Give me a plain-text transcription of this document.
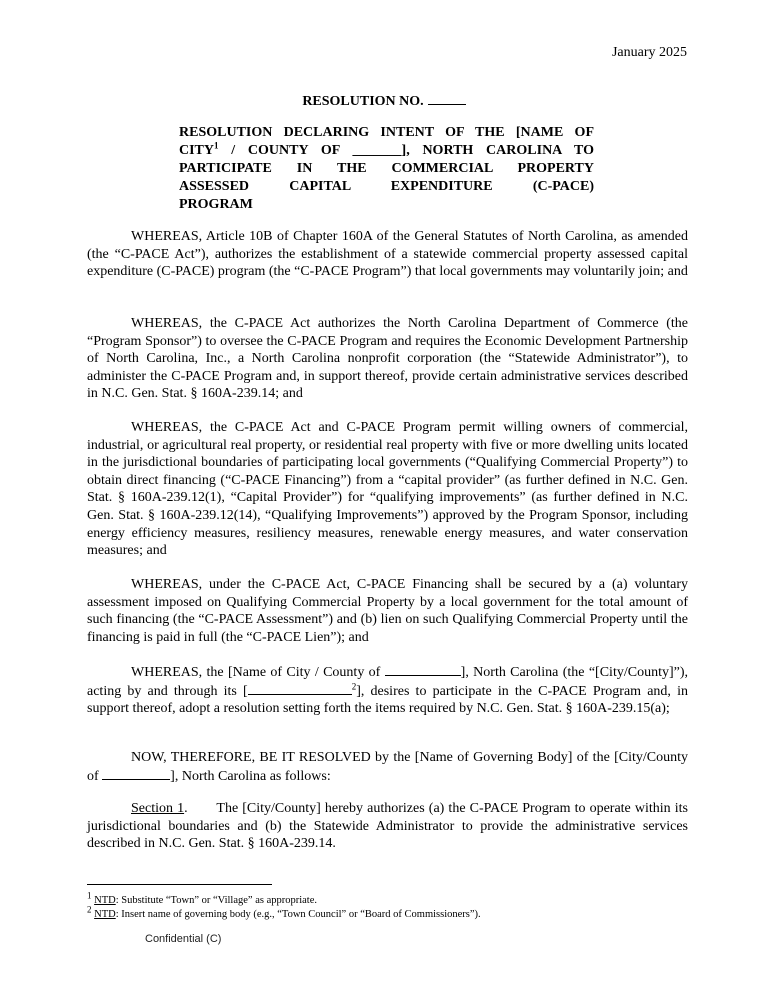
January 2025
RESOLUTION NO.
RESOLUTION DECLARING INTENT OF THE [NAME OF
CITY$^1$ / COUNTY OF _______], NORTH CAROLINA TO
PARTICIPATE IN THE COMMERCIAL PROPERTY
ASSESSED CAPITAL EXPENDITURE (C-PACE)
PROGRAM

WHEREAS, Article 10B of Chapter 160A of the General Statutes of North Carolina, as amended (the “C-PACE Act”), authorizes the establishment of a statewide commercial property assessed capital expenditure (C-PACE) program (the “C-PACE Program”) that local governments may voluntarily join; and

WHEREAS, the C-PACE Act authorizes the North Carolina Department of Commerce (the “Program Sponsor”) to oversee the C-PACE Program and requires the Economic Development Partnership of North Carolina, Inc., a North Carolina nonprofit corporation (the “Statewide Administrator”), to administer the C-PACE Program and, in support thereof, provide certain administrative services described in N.C. Gen. Stat. § 160A-239.14; and

WHEREAS, the C-PACE Act and C-PACE Program permit willing owners of commercial, industrial, or agricultural real property, or residential real property with five or more dwelling units located in the jurisdictional boundaries of participating local governments (“Qualifying Commercial Property”) to obtain direct financing (“C-PACE Financing”) from a “capital provider” (as further defined in N.C. Gen. Stat. § 160A-239.12(1), “Capital Provider”) for “qualifying improvements” (as further defined in N.C. Gen. Stat. § 160A-239.12(14), “Qualifying Improvements”) approved by the Program Sponsor, including energy efficiency measures, resiliency measures, renewable energy measures, and water conservation measures; and

WHEREAS, under the C-PACE Act, C-PACE Financing shall be secured by a (a) voluntary assessment imposed on Qualifying Commercial Property by a local government for the total amount of such financing (the “C-PACE Assessment”) and (b) lien on such Qualifying Commercial Property until the financing is paid in full (the “C-PACE Lien”); and

WHEREAS, the [Name of City / County of	], North Carolina (the “[City/County]”), acting by and through its [	$^2$], desires to participate in the C-PACE Program and, in support thereof, adopt a resolution setting forth the items required by N.C. Gen. Stat. § 160A-239.15(a);

NOW, THEREFORE, BE IT RESOLVED by the [Name of Governing Body] of the [City/County of	], North Carolina as follows:

Section 1.       The [City/County] hereby authorizes (a) the C-PACE Program to operate within its jurisdictional boundaries and (b) the Statewide Administrator to provide the administrative services described in N.C. Gen. Stat. § 160A-239.14.

$^1$ NTD: Substitute “Town” or “Village” as appropriate.
$^2$ NTD: Insert name of governing body (e.g., “Town Council” or “Board of Commissioners”).
Confidential (C)
